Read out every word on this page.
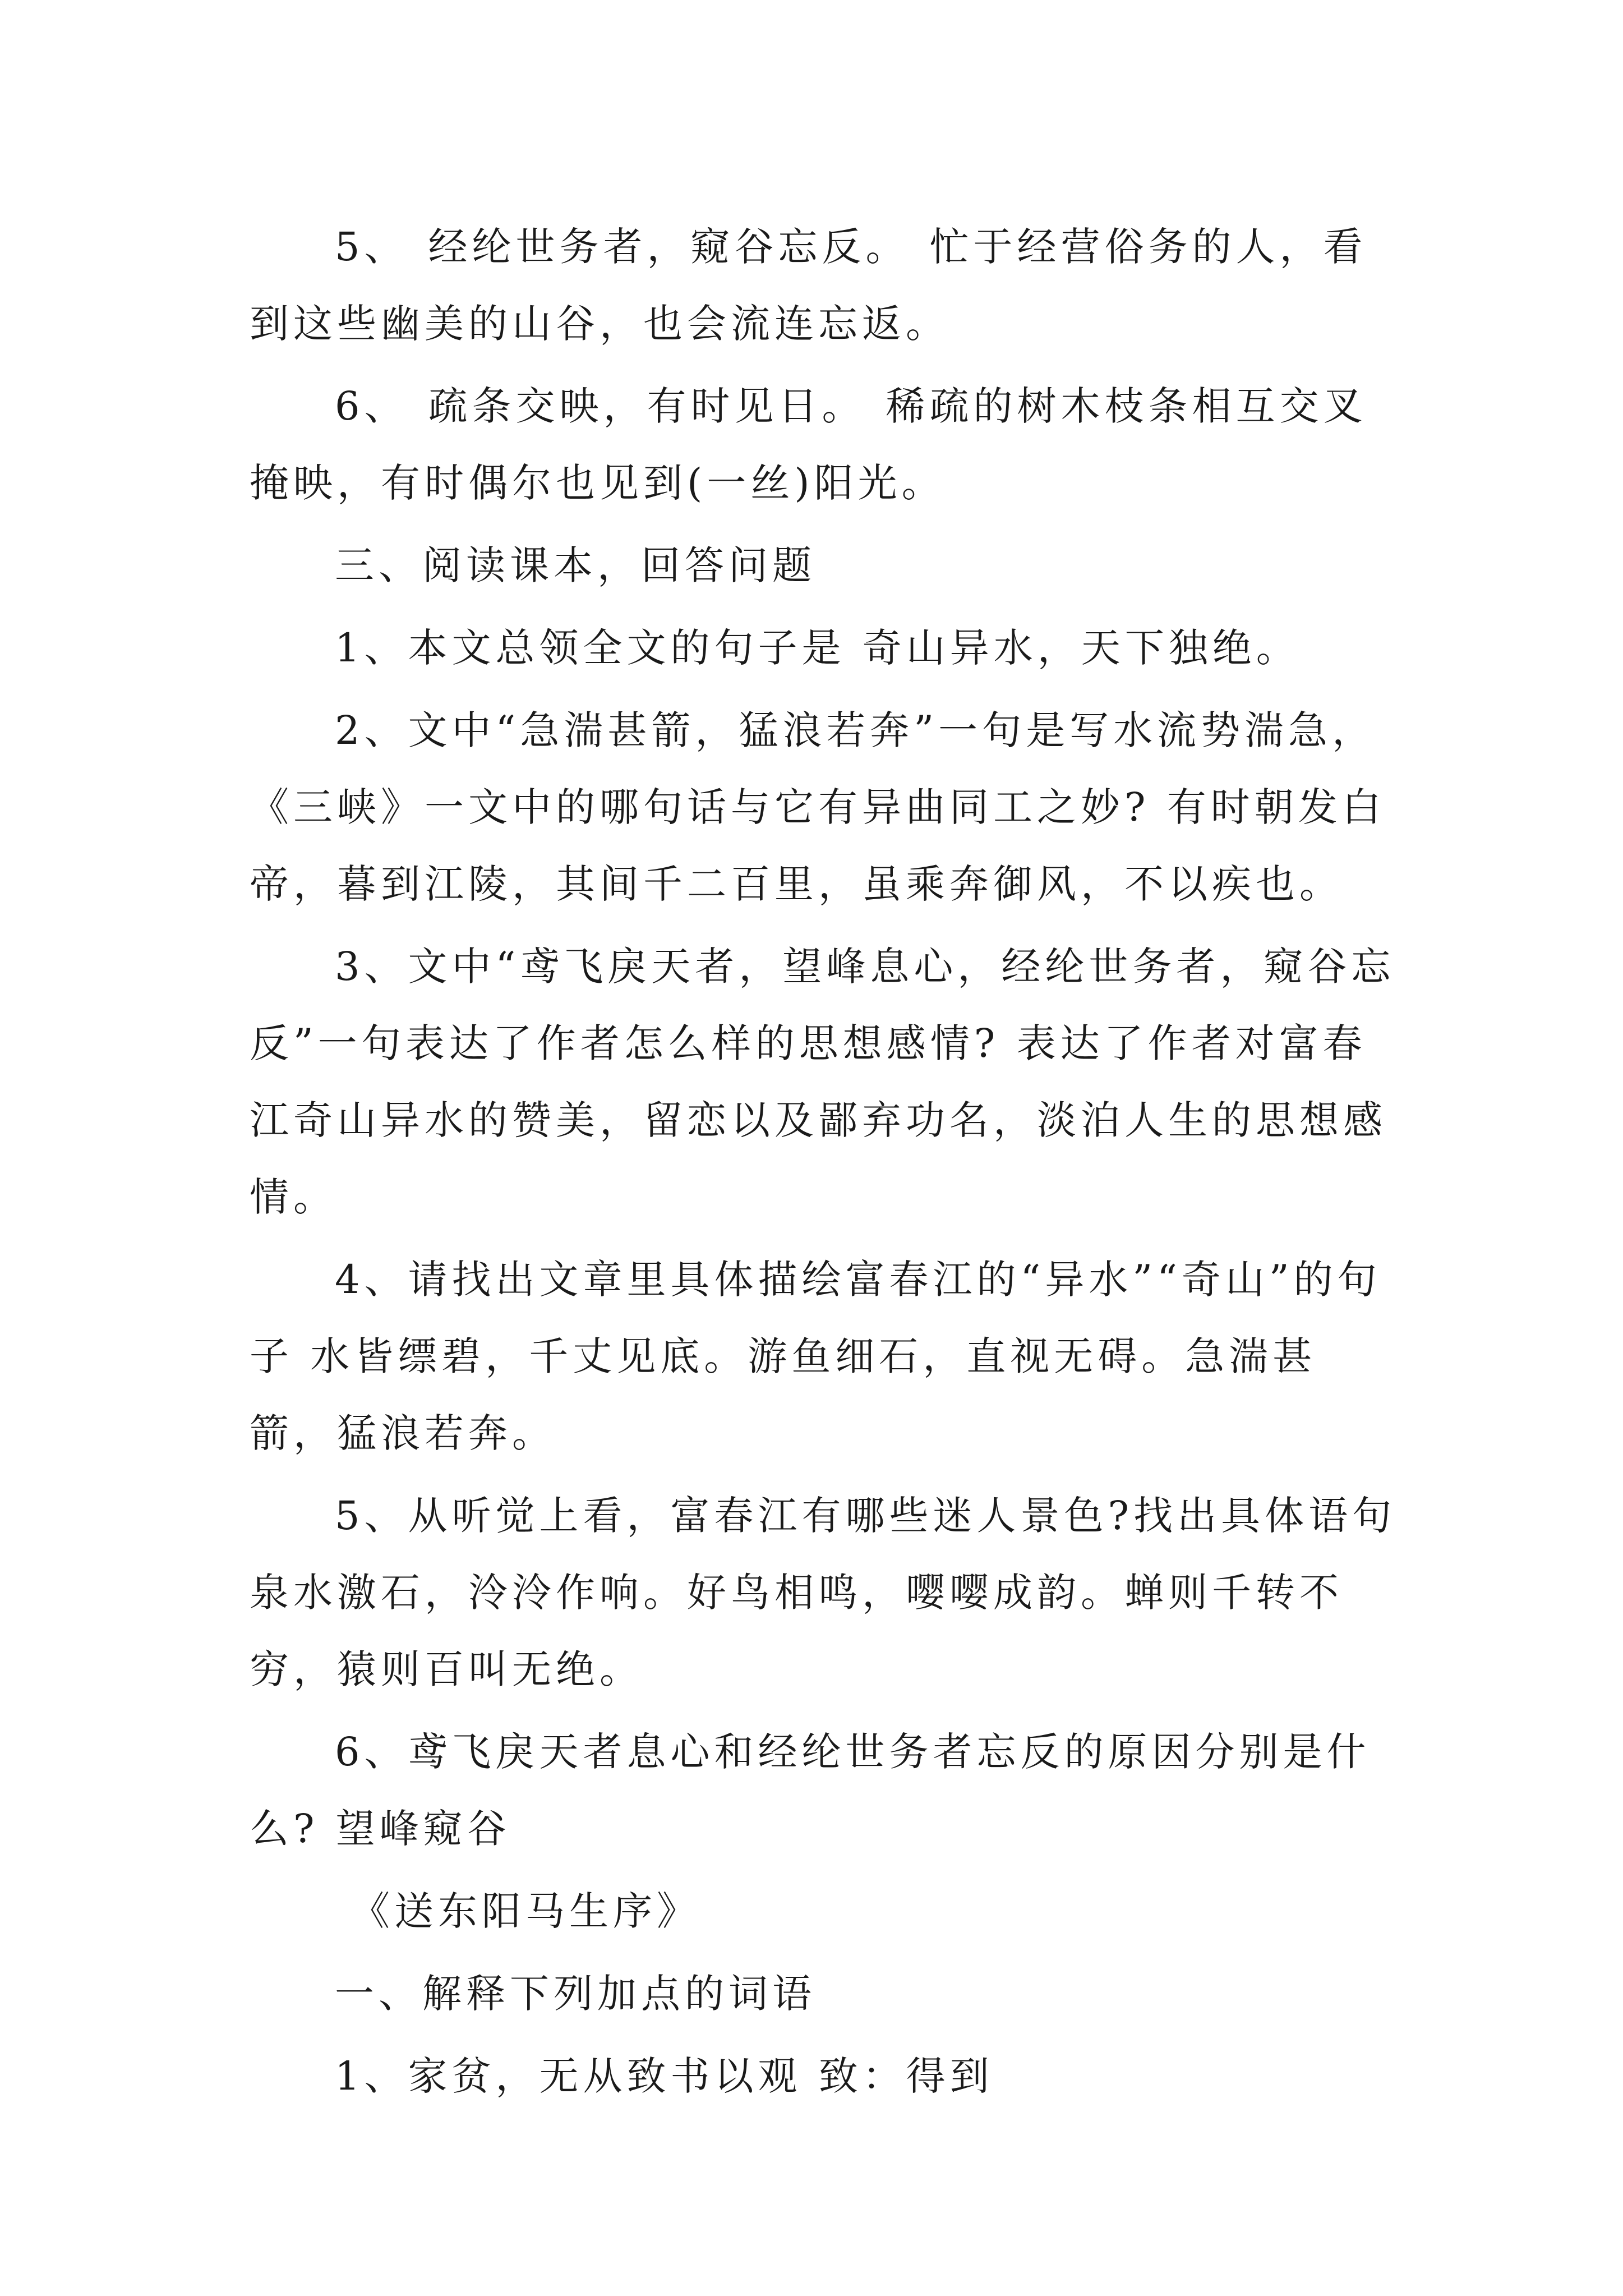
5、 经纶世务者，窥谷忘反。 忙于经营俗务的人，看到这些幽美的山谷，也会流连忘返。

6、 疏条交映，有时见日。 稀疏的树木枝条相互交叉掩映，有时偶尔也见到(一丝)阳光。

三、阅读课本，回答问题

1、本文总领全文的句子是 奇山异水，天下独绝。

2、文中“急湍甚箭，猛浪若奔”一句是写水流势湍急，《三峡》一文中的哪句话与它有异曲同工之妙? 有时朝发白帝，暮到江陵，其间千二百里，虽乘奔御风，不以疾也。

3、文中“鸢飞戾天者，望峰息心，经纶世务者，窥谷忘反”一句表达了作者怎么样的思想感情? 表达了作者对富春江奇山异水的赞美，留恋以及鄙弃功名，淡泊人生的思想感情。

4、请找出文章里具体描绘富春江的“异水”“奇山”的句子 水皆缥碧，千丈见底。游鱼细石，直视无碍。急湍甚箭，猛浪若奔。

5、从听觉上看，富春江有哪些迷人景色?找出具体语句 泉水激石，泠泠作响。好鸟相鸣，嘤嘤成韵。蝉则千转不穷，猿则百叫无绝。

6、鸢飞戾天者息心和经纶世务者忘反的原因分别是什么? 望峰窥谷

《送东阳马生序》

一、解释下列加点的词语

1、家贫，无从致书以观 致：得到
